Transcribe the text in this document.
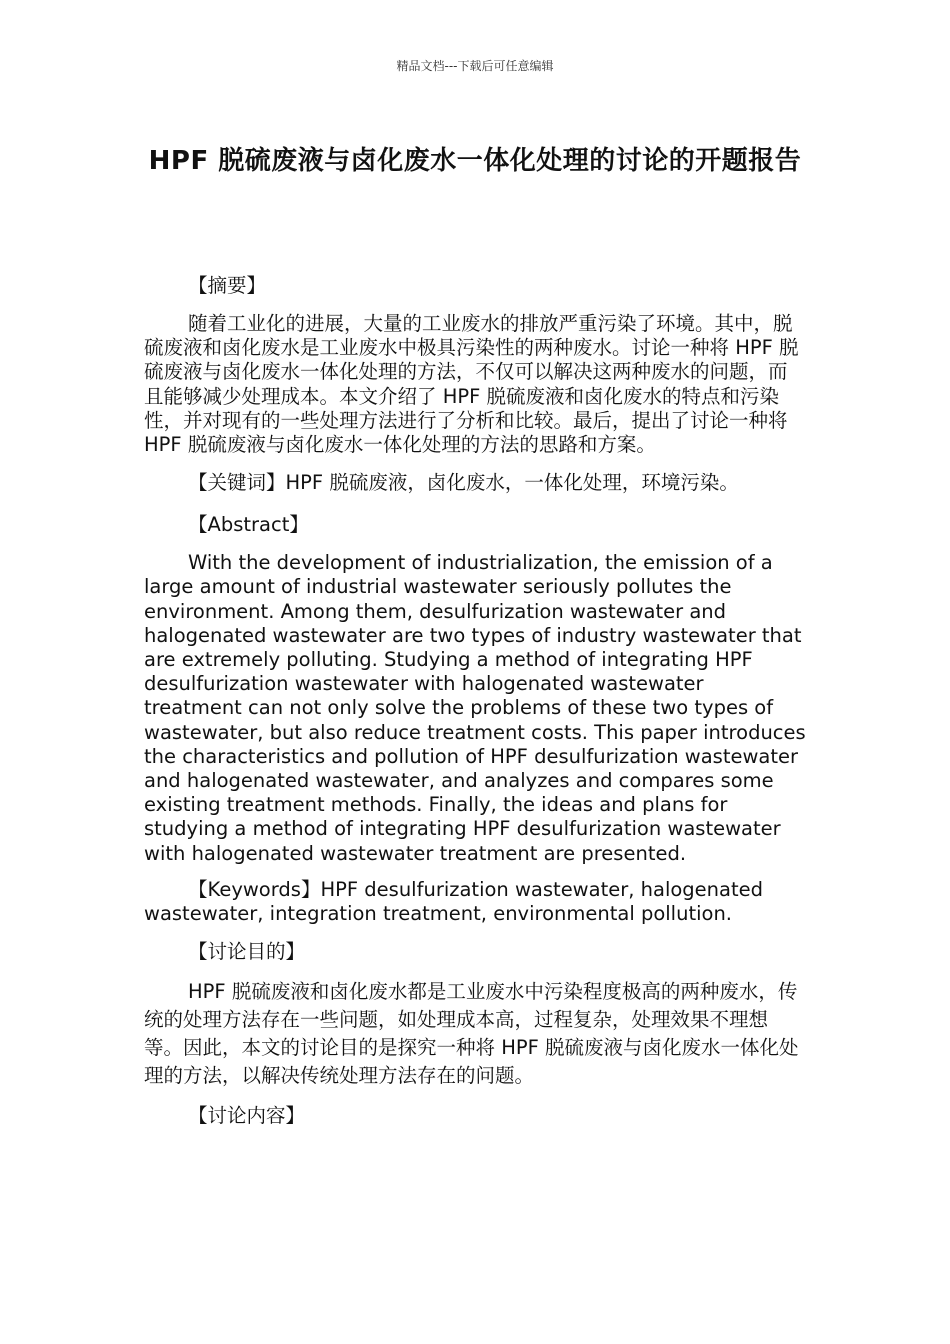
精品文档---下载后可任意编辑
HPF 脱硫废液与卤化废水一体化处理的讨论的开题报告

【摘要】

随着工业化的进展，大量的工业废水的排放严重污染了环境。其中，脱硫废液和卤化废水是工业废水中极具污染性的两种废水。讨论一种将 HPF 脱硫废液与卤化废水一体化处理的方法，不仅可以解决这两种废水的问题，而且能够减少处理成本。本文介绍了 HPF 脱硫废液和卤化废水的特点和污染性，并对现有的一些处理方法进行了分析和比较。最后，提出了讨论一种将 HPF 脱硫废液与卤化废水一体化处理的方法的思路和方案。

【关键词】HPF 脱硫废液，卤化废水，一体化处理，环境污染。

【Abstract】

With the development of industrialization, the emission of a large amount of industrial wastewater seriously pollutes the environment. Among them, desulfurization wastewater and halogenated wastewater are two types of industry wastewater that are extremely polluting. Studying a method of integrating HPF desulfurization wastewater with halogenated wastewater treatment can not only solve the problems of these two types of wastewater, but also reduce treatment costs. This paper introduces the characteristics and pollution of HPF desulfurization wastewater and halogenated wastewater, and analyzes and compares some existing treatment methods. Finally, the ideas and plans for studying a method of integrating HPF desulfurization wastewater with halogenated wastewater treatment are presented.

【Keywords】HPF desulfurization wastewater, halogenated wastewater, integration treatment, environmental pollution.

【讨论目的】

HPF 脱硫废液和卤化废水都是工业废水中污染程度极高的两种废水，传统的处理方法存在一些问题，如处理成本高，过程复杂，处理效果不理想等。因此，本文的讨论目的是探究一种将 HPF 脱硫废液与卤化废水一体化处理的方法，以解决传统处理方法存在的问题。

【讨论内容】
